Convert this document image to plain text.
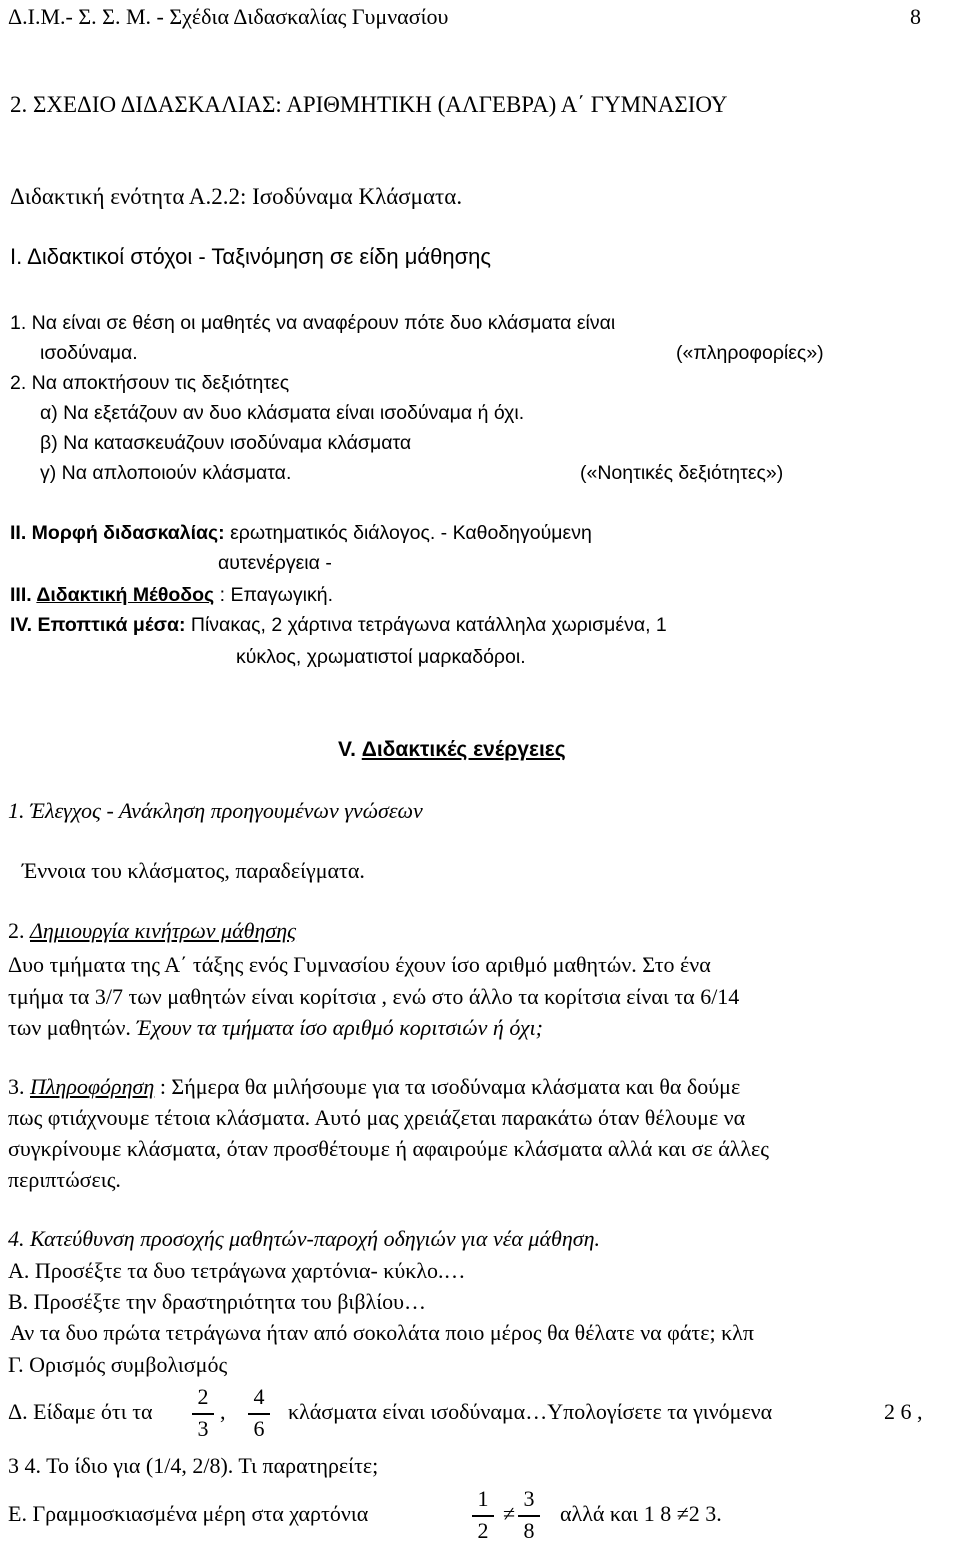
Δ.Ι.Μ.- Σ. Σ. Μ. - Σχέδια Διδασκαλίας Γυμνασίου	8
2. ΣΧΕΔΙΟ ΔΙΔΑΣΚΑΛΙΑΣ: ΑΡΙΘΜΗΤΙΚΗ (ΑΛΓΕΒΡΑ) Α΄ ΓΥΜΝΑΣΙΟΥ
Διδακτική ενότητα Α.2.2: Ισοδύναμα Κλάσματα.
Ι. Διδακτικοί στόχοι - Ταξινόμηση σε είδη μάθησης
1. Να είναι σε θέση οι μαθητές να αναφέρουν πότε δυο κλάσματα είναι
ισοδύναμα.	(«πληροφορίες»)
2. Να αποκτήσουν τις δεξιότητες
α) Να εξετάζουν αν δυο κλάσματα είναι ισοδύναμα ή όχι.
β) Να κατασκευάζουν ισοδύναμα κλάσματα
γ) Να απλοποιούν κλάσματα.	(«Νοητικές δεξιότητες»)
ΙΙ. Μορφή διδασκαλίας: ερωτηματικός διάλογος. - Καθοδηγούμενη
αυτενέργεια -
ΙΙΙ. Διδακτική Μέθοδος : Επαγωγική.
IV. Εποπτικά μέσα: Πίνακας, 2 χάρτινα τετράγωνα κατάλληλα χωρισμένα, 1
κύκλος, χρωματιστοί μαρκαδόροι.
V. Διδακτικές ενέργειες
1. Έλεγχος - Ανάκληση προηγουμένων γνώσεων
Έννοια του κλάσματος, παραδείγματα.
2. Δημιουργία κινήτρων μάθησης
Δυο τμήματα της Α΄ τάξης ενός Γυμνασίου έχουν ίσο αριθμό μαθητών. Στο ένα
τμήμα τα 3/7 των μαθητών είναι κορίτσια , ενώ στο άλλο τα κορίτσια είναι τα 6/14
των μαθητών. Έχουν τα τμήματα ίσο αριθμό κοριτσιών ή όχι;
3. Πληροφόρηση : Σήμερα θα μιλήσουμε για τα ισοδύναμα κλάσματα και θα δούμε
πως φτιάχνουμε τέτοια κλάσματα. Αυτό μας χρειάζεται παρακάτω όταν θέλουμε να
συγκρίνουμε κλάσματα, όταν προσθέτουμε ή αφαιρούμε κλάσματα αλλά και σε άλλες
περιπτώσεις.
4. Κατεύθυνση προσοχής μαθητών-παροχή οδηγιών για νέα μάθηση.
Α. Προσέξτε τα δυο τετράγωνα χαρτόνια- κύκλο.…
Β. Προσέξτε την δραστηριότητα του βιβλίου…
Αν τα δυο πρώτα τετράγωνα ήταν από σοκολάτα ποιο μέρος θα θέλατε να φάτε; κλπ
Γ. Ορισμός συμβολισμός
Δ. Είδαμε ότι τα
2
3
,
4
6
κλάσματα είναι ισοδύναμα…Υπολογίσετε τα γινόμενα	2 6 ,
3 4. Το ίδιο για (1/4, 2/8). Τι παρατηρείτε;
Ε. Γραμμοσκιασμένα μέρη στα χαρτόνια
1
2
≠
3
8
αλλά και 1 8 ≠2 3.
